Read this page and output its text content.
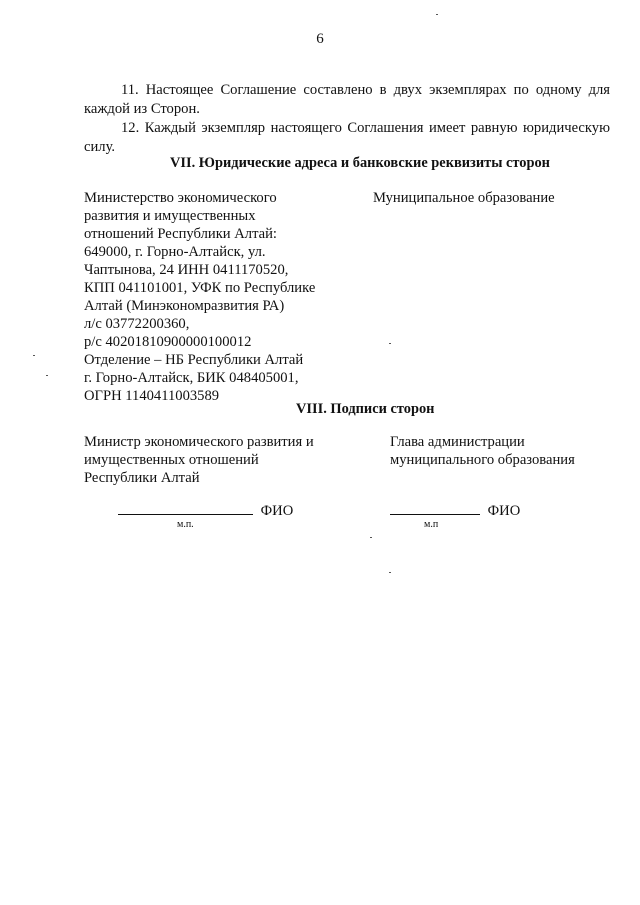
6
11. Настоящее Соглашение составлено в двух экземплярах по одному для
каждой из Сторон.
12. Каждый экземпляр настоящего Соглашения имеет равную юридическую
силу.
VII. Юридические адреса и банковские реквизиты сторон
Министерство экономического
развития и имущественных
отношений Республики Алтай:
649000, г. Горно-Алтайск, ул.
Чаптынова, 24 ИНН 0411170520,
КПП 041101001, УФК по Республике
Алтай (Минэкономразвития РА)
л/с 03772200360,
р/с 40201810900000100012
Отделение – НБ Республики Алтай
г. Горно-Алтайск, БИК 048405001,
ОГРН 1140411003589
Муниципальное образование
VIII. Подписи сторон
Министр экономического развития и
имущественных отношений
Республики Алтай
Глава администрации
муниципального образования
ФИО
м.п.
ФИО
м.п
